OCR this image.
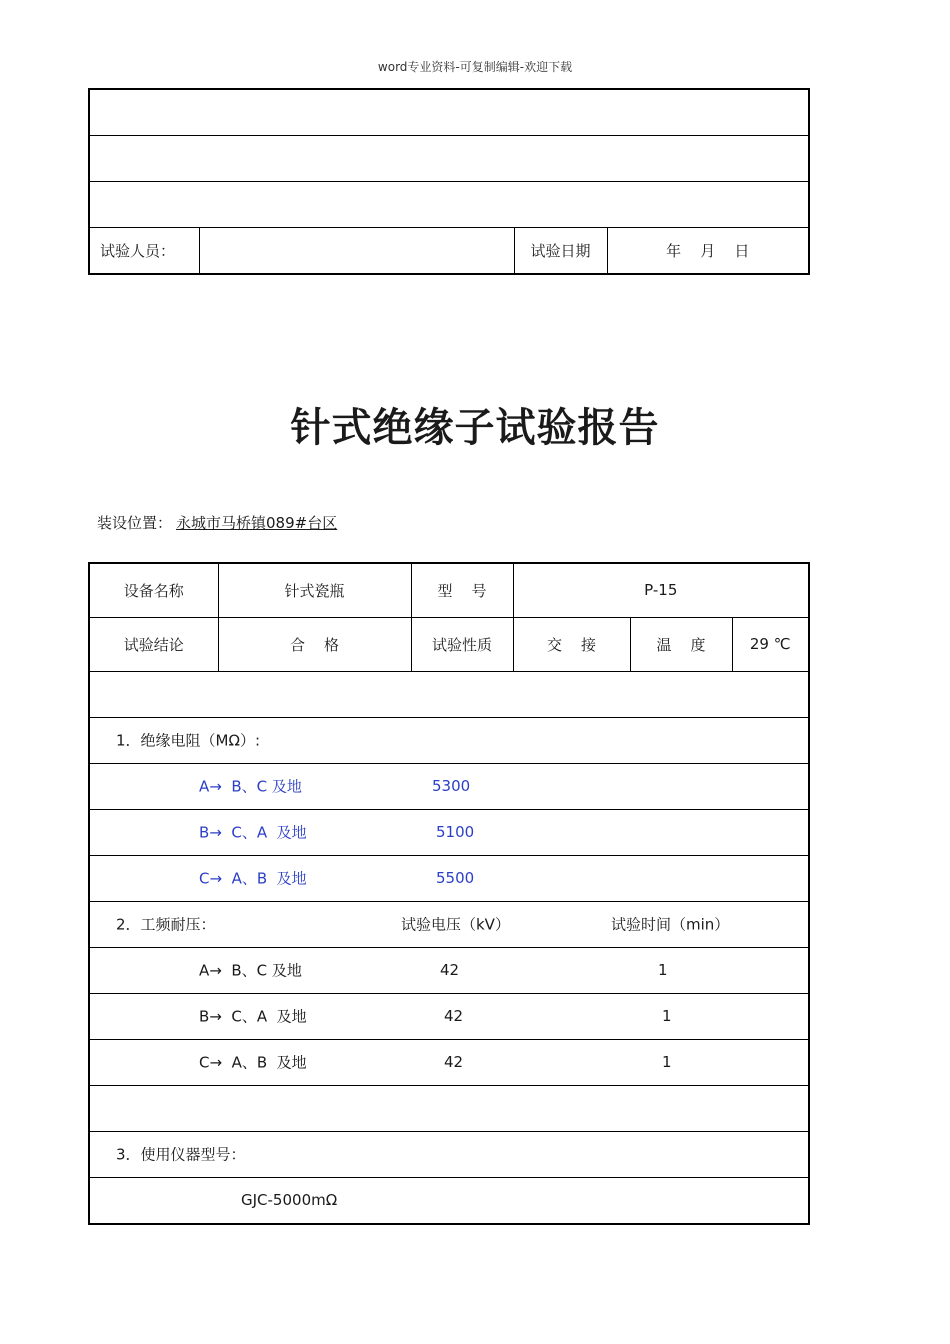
word专业资料-可复制编辑-欢迎下载

试验人员：		试验日期	年    月    日
针式绝缘子试验报告
装设位置： 永城市马桥镇089#台区
设备名称	针式瓷瓶	型    号	P-15		
试验结论	合    格	试验性质	交    接	温    度	29 ℃

1．绝缘电阻（MΩ）:					

A→  B、C 及地 5300					

B→  C、A  及地 5100					

C→  A、B  及地 5500					

2．工频耐压： 试验电压（kV） 试验时间（min）					

A→  B、C 及地 42 1					

B→  C、A  及地 42 1					

C→  A、B  及地 42 1					

3．使用仪器型号：					

GJC-5000mΩ					
